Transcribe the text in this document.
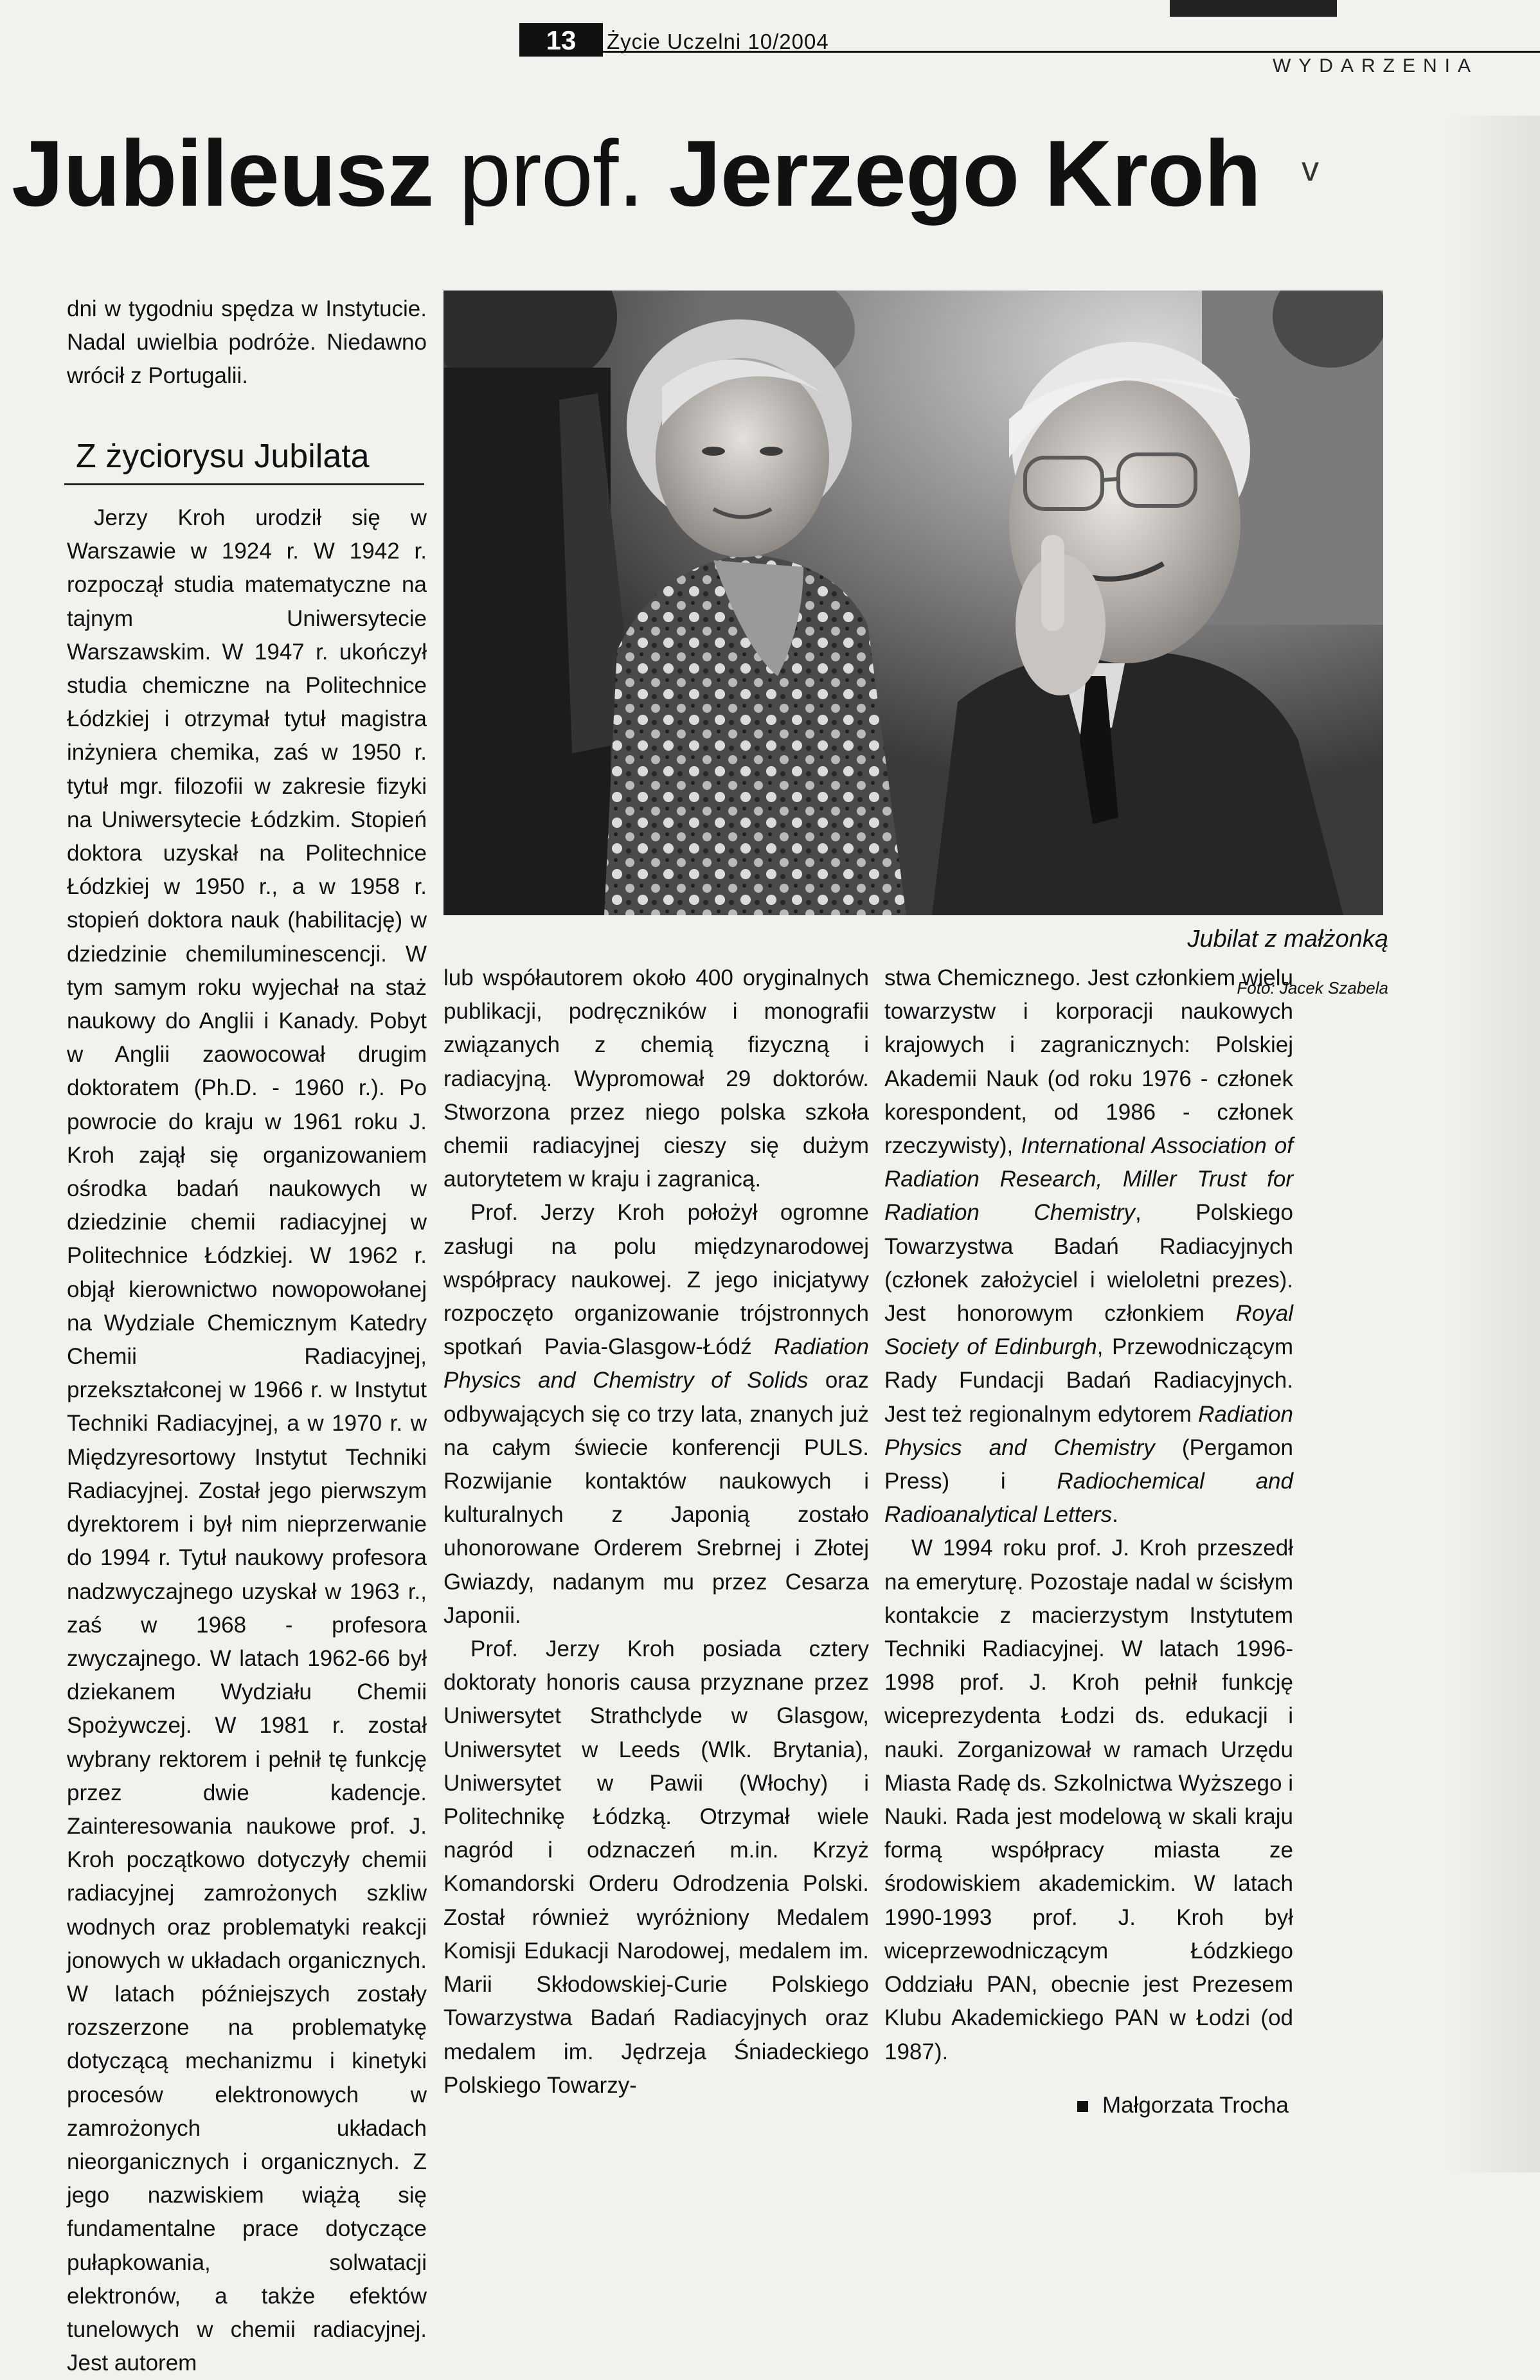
13	Życie Uczelni 10/2004
WYDARZENIA
Jubileusz prof. Jerzego Kroh v

dni w tygodniu spędza w Instytucie. Nadal uwielbia podróże. Niedawno wrócił z Portugalii.

Z życiorysu Jubilata

Jerzy Kroh urodził się w Warszawie w 1924 r. W 1942 r. rozpoczął studia matematyczne na tajnym Uniwersytecie Warszawskim. W 1947 r. ukończył studia chemiczne na Politechnice Łódzkiej i otrzymał tytuł magistra inżyniera chemika, zaś w 1950 r. tytuł mgr. filozofii w zakresie fizyki na Uniwersytecie Łódzkim. Stopień doktora uzyskał na Politechnice Łódzkiej w 1950 r., a w 1958 r. stopień doktora nauk (habilitację) w dziedzinie chemiluminescencji. W tym samym roku wyjechał na staż naukowy do Anglii i Kanady. Pobyt w Anglii zaowocował drugim doktoratem (Ph.D. - 1960 r.). Po powrocie do kraju w 1961 roku J. Kroh zajął się organizowaniem ośrodka badań naukowych w dziedzinie chemii radiacyjnej w Politechnice Łódzkiej. W 1962 r. objął kierownictwo nowopowołanej na Wydziale Chemicznym Katedry Chemii Radiacyjnej, przekształconej w 1966 r. w Instytut Techniki Radiacyjnej, a w 1970 r. w Międzyresortowy Instytut Techniki Radiacyjnej. Został jego pierwszym dyrektorem i był nim nieprzerwanie do 1994 r. Tytuł naukowy profesora nadzwyczajnego uzyskał w 1963 r., zaś w 1968 - profesora zwyczajnego. W latach 1962-66 był dziekanem Wydziału Chemii Spożywczej. W 1981 r. został wybrany rektorem i pełnił tę funkcję przez dwie kadencje. Zainteresowania naukowe prof. J. Kroh początkowo dotyczyły chemii radiacyjnej zamrożonych szkliw wodnych oraz problematyki reakcji jonowych w układach organicznych. W latach późniejszych zostały rozszerzone na problematykę dotyczącą mechanizmu i kinetyki procesów elektronowych w zamrożonych układach nieorganicznych i organicznych. Z jego nazwiskiem wiążą się fundamentalne prace dotyczące pułapkowania, solwatacji elektronów, a także efektów tunelowych w chemii radiacyjnej. Jest autorem

Jubilat z małżonką
Foto: Jacek Szabela

lub współautorem około 400 oryginalnych publikacji, podręczników i monografii związanych z chemią fizyczną i radiacyjną. Wypromował 29 doktorów. Stworzona przez niego polska szkoła chemii radiacyjnej cieszy się dużym autorytetem w kraju i zagranicą.

Prof. Jerzy Kroh położył ogromne zasługi na polu międzynarodowej współpracy naukowej. Z jego inicjatywy rozpoczęto organizowanie trójstronnych spotkań Pavia-Glasgow-Łódź Radiation Physics and Chemistry of Solids oraz odbywających się co trzy lata, znanych już na całym świecie konferencji PULS. Rozwijanie kontaktów naukowych i kulturalnych z Japonią zostało uhonorowane Orderem Srebrnej i Złotej Gwiazdy, nadanym mu przez Cesarza Japonii.

Prof. Jerzy Kroh posiada cztery doktoraty honoris causa przyznane przez Uniwersytet Strathclyde w Glasgow, Uniwersytet w Leeds (Wlk. Brytania), Uniwersytet w Pawii (Włochy) i Politechnikę Łódzką. Otrzymał wiele nagród i odznaczeń m.in. Krzyż Komandorski Orderu Odrodzenia Polski. Został również wyróżniony Medalem Komisji Edukacji Narodowej, medalem im. Marii Skłodowskiej-Curie Polskiego Towarzystwa Badań Radiacyjnych oraz medalem im. Jędrzeja Śniadeckiego Polskiego Towarzy-

stwa Chemicznego. Jest członkiem wielu towarzystw i korporacji naukowych krajowych i zagranicznych: Polskiej Akademii Nauk (od roku 1976 - członek korespondent, od 1986 - członek rzeczywisty), International Association of Radiation Research, Miller Trust for Radiation Chemistry, Polskiego Towarzystwa Badań Radiacyjnych (członek założyciel i wieloletni prezes). Jest honorowym członkiem Royal Society of Edinburgh, Przewodniczącym Rady Fundacji Badań Radiacyjnych. Jest też regionalnym edytorem Radiation Physics and Chemistry (Pergamon Press) i Radiochemical and Radioanalytical Letters.

W 1994 roku prof. J. Kroh przeszedł na emeryturę. Pozostaje nadal w ścisłym kontakcie z macierzystym Instytutem Techniki Radiacyjnej. W latach 1996-1998 prof. J. Kroh pełnił funkcję wiceprezydenta Łodzi ds. edukacji i nauki. Zorganizował w ramach Urzędu Miasta Radę ds. Szkolnictwa Wyższego i Nauki. Rada jest modelową w skali kraju formą współpracy miasta ze środowiskiem akademickim. W latach 1990-1993 prof. J. Kroh był wiceprzewodniczącym Łódzkiego Oddziału PAN, obecnie jest Prezesem Klubu Akademickiego PAN w Łodzi (od 1987).

Małgorzata Trocha
